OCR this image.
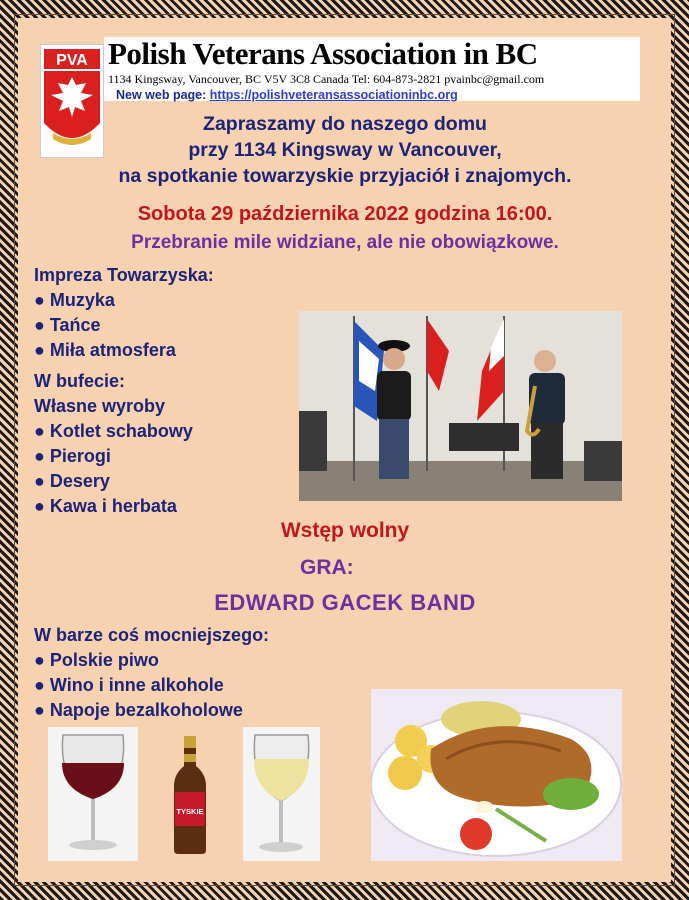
PVA Polish Veterans Association in BC
1134 Kingsway, Vancouver, BC V5V 3C8 Canada Tel: 604-873-2821 pvainbc@gmail.com
New web page: https://polishveteransassociationinbc.org
Zapraszamy do naszego domu
przy 1134 Kingsway w Vancouver,
na spotkanie towarzyskie przyjaciół i znajomych.
Sobota 29 października 2022 godzina 16:00.
Przebranie mile widziane, ale nie obowiązkowe.
Impreza Towarzyska:
● Muzyka
● Tańce
● Miła atmosfera
W bufecie:
Własne wyroby
● Kotlet schabowy
● Pierogi
● Desery
● Kawa i herbata
Wstęp wolny
GRA:
EDWARD GACEK BAND
W barze coś mocniejszego:
● Polskie piwo
● Wino i inne alkohole
● Napoje bezalkoholowe
TYSKIE
